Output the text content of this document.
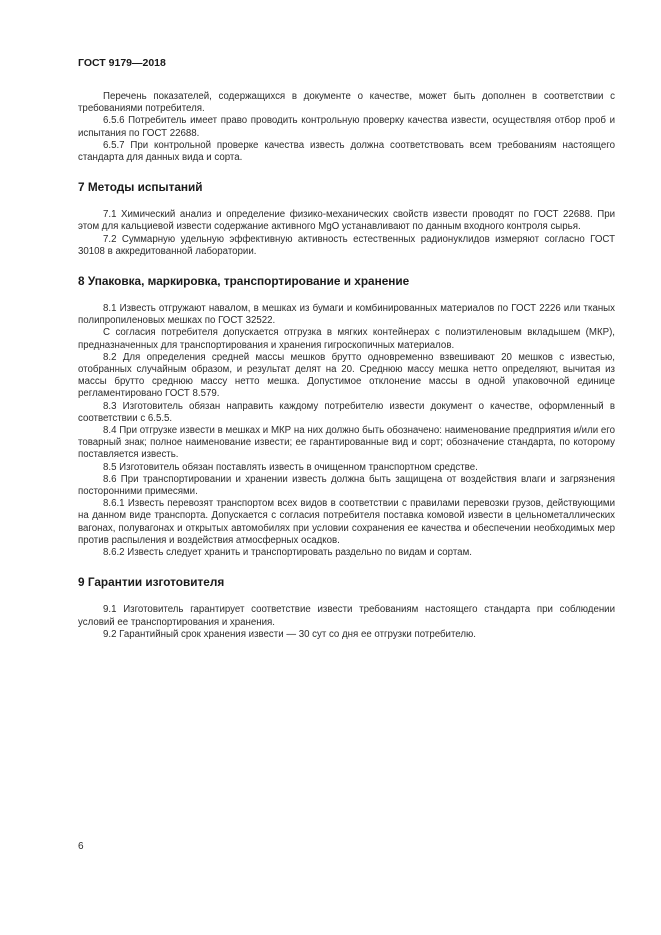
ГОСТ 9179—2018

Перечень показателей, содержащихся в документе о качестве, может быть дополнен в соответствии с требованиями потребителя.

6.5.6 Потребитель имеет право проводить контрольную проверку качества извести, осуществляя отбор проб и испытания по ГОСТ 22688.

6.5.7 При контрольной проверке качества известь должна соответствовать всем требованиям настоящего стандарта для данных вида и сорта.

7 Методы испытаний

7.1 Химический анализ и определение физико-механических свойств извести проводят по ГОСТ 22688. При этом для кальциевой извести содержание активного MgO устанавливают по данным входного контроля сырья.

7.2 Суммарную удельную эффективную активность естественных радионуклидов измеряют согласно ГОСТ 30108 в аккредитованной лаборатории.

8 Упаковка, маркировка, транспортирование и хранение

8.1 Известь отгружают навалом, в мешках из бумаги и комбинированных материалов по ГОСТ 2226 или тканых полипропиленовых мешках по ГОСТ 32522.

С согласия потребителя допускается отгрузка в мягких контейнерах с полиэтиленовым вкладышем (МКР), предназначенных для транспортирования и хранения гигроскопичных материалов.

8.2 Для определения средней массы мешков брутто одновременно взвешивают 20 мешков с известью, отобранных случайным образом, и результат делят на 20. Среднюю массу мешка нетто определяют, вычитая из массы брутто среднюю массу нетто мешка. Допустимое отклонение массы в одной упаковочной единице регламентировано ГОСТ 8.579.

8.3 Изготовитель обязан направить каждому потребителю извести документ о качестве, оформленный в соответствии с 6.5.5.

8.4 При отгрузке извести в мешках и МКР на них должно быть обозначено: наименование предприятия и/или его товарный знак; полное наименование извести; ее гарантированные вид и сорт; обозначение стандарта, по которому поставляется известь.

8.5 Изготовитель обязан поставлять известь в очищенном транспортном средстве.

8.6 При транспортировании и хранении известь должна быть защищена от воздействия влаги и загрязнения посторонними примесями.

8.6.1 Известь перевозят транспортом всех видов в соответствии с правилами перевозки грузов, действующими на данном виде транспорта. Допускается с согласия потребителя поставка комовой извести в цельнометаллических вагонах, полувагонах и открытых автомобилях при условии сохранения ее качества и обеспечении необходимых мер против распыления и воздействия атмосферных осадков.

8.6.2 Известь следует хранить и транспортировать раздельно по видам и сортам.

9 Гарантии изготовителя

9.1 Изготовитель гарантирует соответствие извести требованиям настоящего стандарта при соблюдении условий ее транспортирования и хранения.

9.2 Гарантийный срок хранения извести — 30 сут со дня ее отгрузки потребителю.

6
